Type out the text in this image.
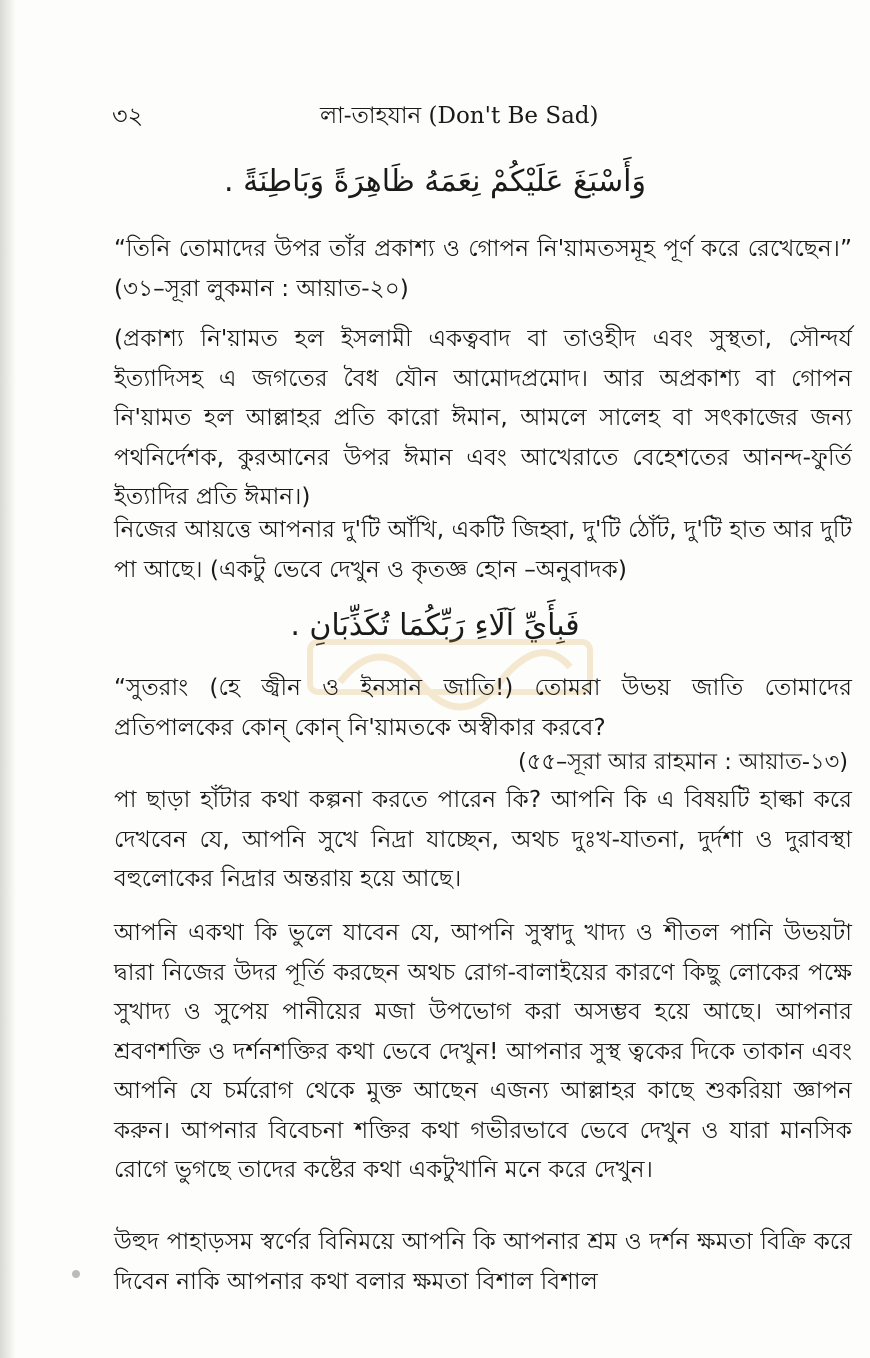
৩২	লা-তাহযান (Don't Be Sad)
وَأَسْبَغَ عَلَيْكُمْ نِعَمَهُ ظَاهِرَةً وَبَاطِنَةً .

“তিনি তোমাদের উপর তাঁর প্রকাশ্য ও গোপন নি'য়ামতসমূহ পূর্ণ করে রেখেছেন।” (৩১–সূরা লুকমান : আয়াত-২০)

(প্রকাশ্য নি'য়ামত হল ইসলামী একত্ববাদ বা তাওহীদ এবং সুস্থতা, সৌন্দর্য ইত্যাদিসহ এ জগতের বৈধ যৌন আমোদপ্রমোদ। আর অপ্রকাশ্য বা গোপন নি'য়ামত হল আল্লাহর প্রতি কারো ঈমান, আমলে সালেহ বা সৎকাজের জন্য পথনির্দেশক, কুরআনের উপর ঈমান এবং আখেরাতে বেহেশতের আনন্দ-ফুর্তি ইত্যাদির প্রতি ঈমান।)

নিজের আয়ত্তে আপনার দু'টি আঁখি, একটি জিহ্বা, দু'টি ঠোঁট, দু'টি হাত আর দুটি পা আছে। (একটু ভেবে দেখুন ও কৃতজ্ঞ হোন –অনুবাদক)

فَبِأَيِّ آلَاءِ رَبِّكُمَا تُكَذِّبَانِ .

“সুতরাং (হে জ্বীন ও ইনসান জাতি!) তোমরা উভয় জাতি তোমাদের প্রতিপালকের কোন্ কোন্ নি'য়ামতকে অস্বীকার করবে?

(৫৫–সূরা আর রাহমান : আয়াত-১৩)

পা ছাড়া হাঁটার কথা কল্পনা করতে পারেন কি? আপনি কি এ বিষয়টি হাল্কা করে দেখবেন যে, আপনি সুখে নিদ্রা যাচ্ছেন, অথচ দুঃখ-যাতনা, দুর্দশা ও দুরাবস্থা বহুলোকের নিদ্রার অন্তরায় হয়ে আছে।

আপনি একথা কি ভুলে যাবেন যে, আপনি সুস্বাদু খাদ্য ও শীতল পানি উভয়টা দ্বারা নিজের উদর পূর্তি করছেন অথচ রোগ-বালাইয়ের কারণে কিছু লোকের পক্ষে সুখাদ্য ও সুপেয় পানীয়ের মজা উপভোগ করা অসম্ভব হয়ে আছে। আপনার শ্রবণশক্তি ও দর্শনশক্তির কথা ভেবে দেখুন! আপনার সুস্থ ত্বকের দিকে তাকান এবং আপনি যে চর্মরোগ থেকে মুক্ত আছেন এজন্য আল্লাহর কাছে শুকরিয়া জ্ঞাপন করুন। আপনার বিবেচনা শক্তির কথা গভীরভাবে ভেবে দেখুন ও যারা মানসিক রোগে ভুগছে তাদের কষ্টের কথা একটুখানি মনে করে দেখুন।

উহুদ পাহাড়সম স্বর্ণের বিনিময়ে আপনি কি আপনার শ্রম ও দর্শন ক্ষমতা বিক্রি করে দিবেন নাকি আপনার কথা বলার ক্ষমতা বিশাল বিশাল
